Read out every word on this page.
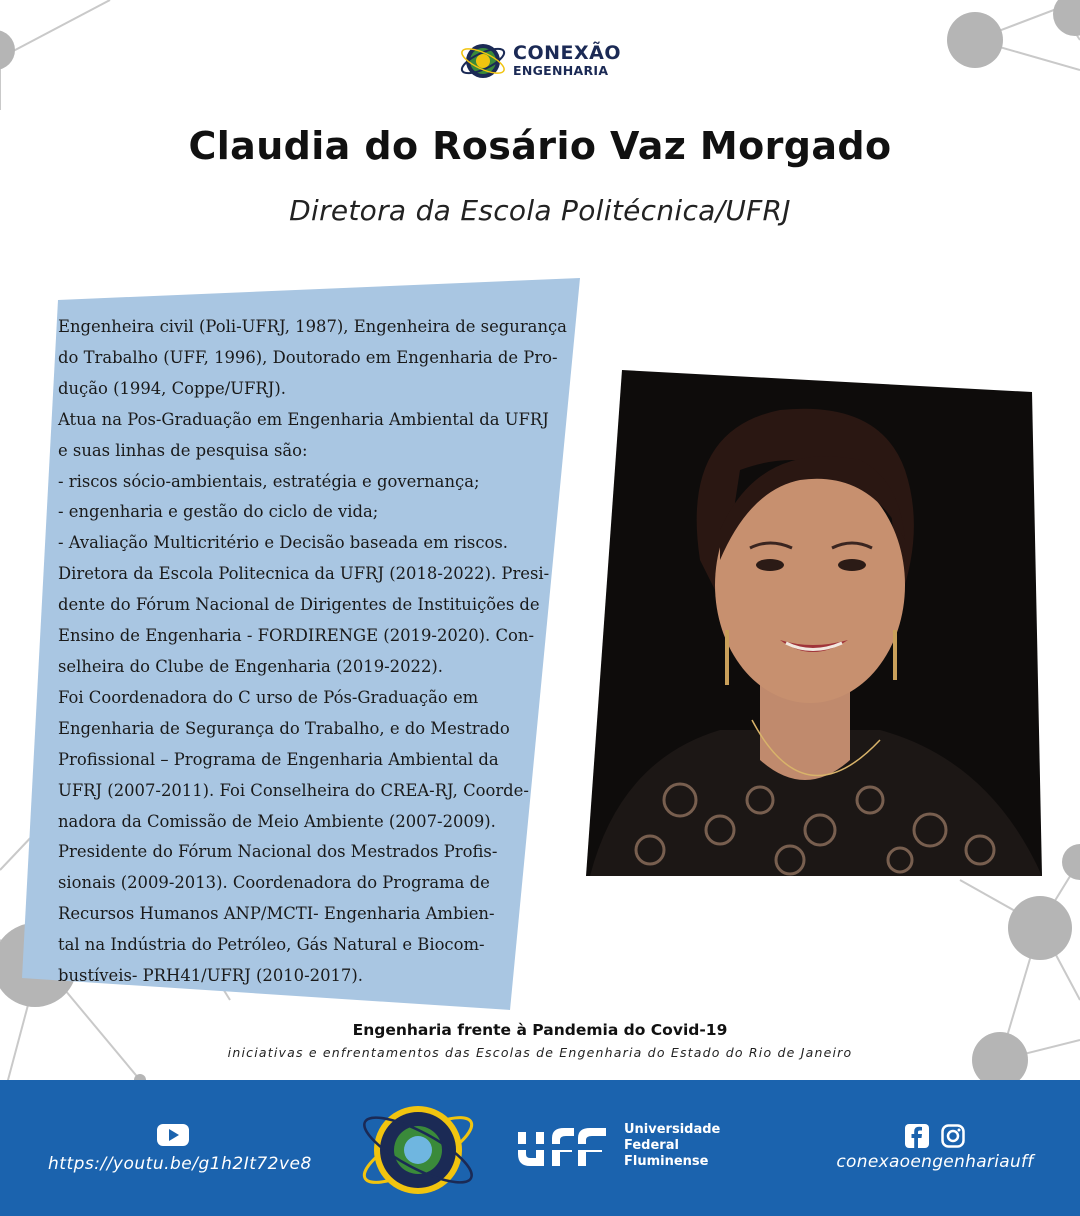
CONEXÃO
ENGENHARIA
Claudia do Rosário Vaz Morgado
Diretora da Escola Politécnica/UFRJ
Engenheira civil (Poli-UFRJ, 1987), Engenheira de segurança
do Trabalho (UFF, 1996), Doutorado em Engenharia de Pro-
dução (1994, Coppe/UFRJ).
Atua na Pos-Graduação em Engenharia Ambiental da UFRJ
e suas linhas de pesquisa são:
- riscos sócio-ambientais, estratégia e governança;
- engenharia e gestão do ciclo de vida;
- Avaliação Multicritério e Decisão baseada em riscos.
Diretora da Escola Politecnica da UFRJ (2018-2022). Presi-
dente do Fórum Nacional de Dirigentes de Instituições de
Ensino de Engenharia - FORDIRENGE (2019-2020). Con-
selheira do Clube de Engenharia (2019-2022).
Foi Coordenadora do C urso de Pós-Graduação em
Engenharia de Segurança do Trabalho, e do Mestrado
Profissional – Programa de Engenharia Ambiental da
UFRJ (2007-2011). Foi Conselheira do CREA-RJ, Coorde-
nadora da Comissão de Meio Ambiente (2007-2009).
Presidente do Fórum Nacional dos Mestrados Profis-
sionais (2009-2013). Coordenadora do Programa de
Recursos Humanos ANP/MCTI- Engenharia Ambien-
tal na Indústria do Petróleo, Gás Natural e Biocom-
bustíveis- PRH41/UFRJ (2010-2017).
Engenharia frente à Pandemia do Covid-19
iniciativas e enfrentamentos das Escolas de Engenharia do Estado do Rio de Janeiro
https://youtu.be/g1h2It72ve8
Universidade
Federal
Fluminense	conexaoengenhariauff
